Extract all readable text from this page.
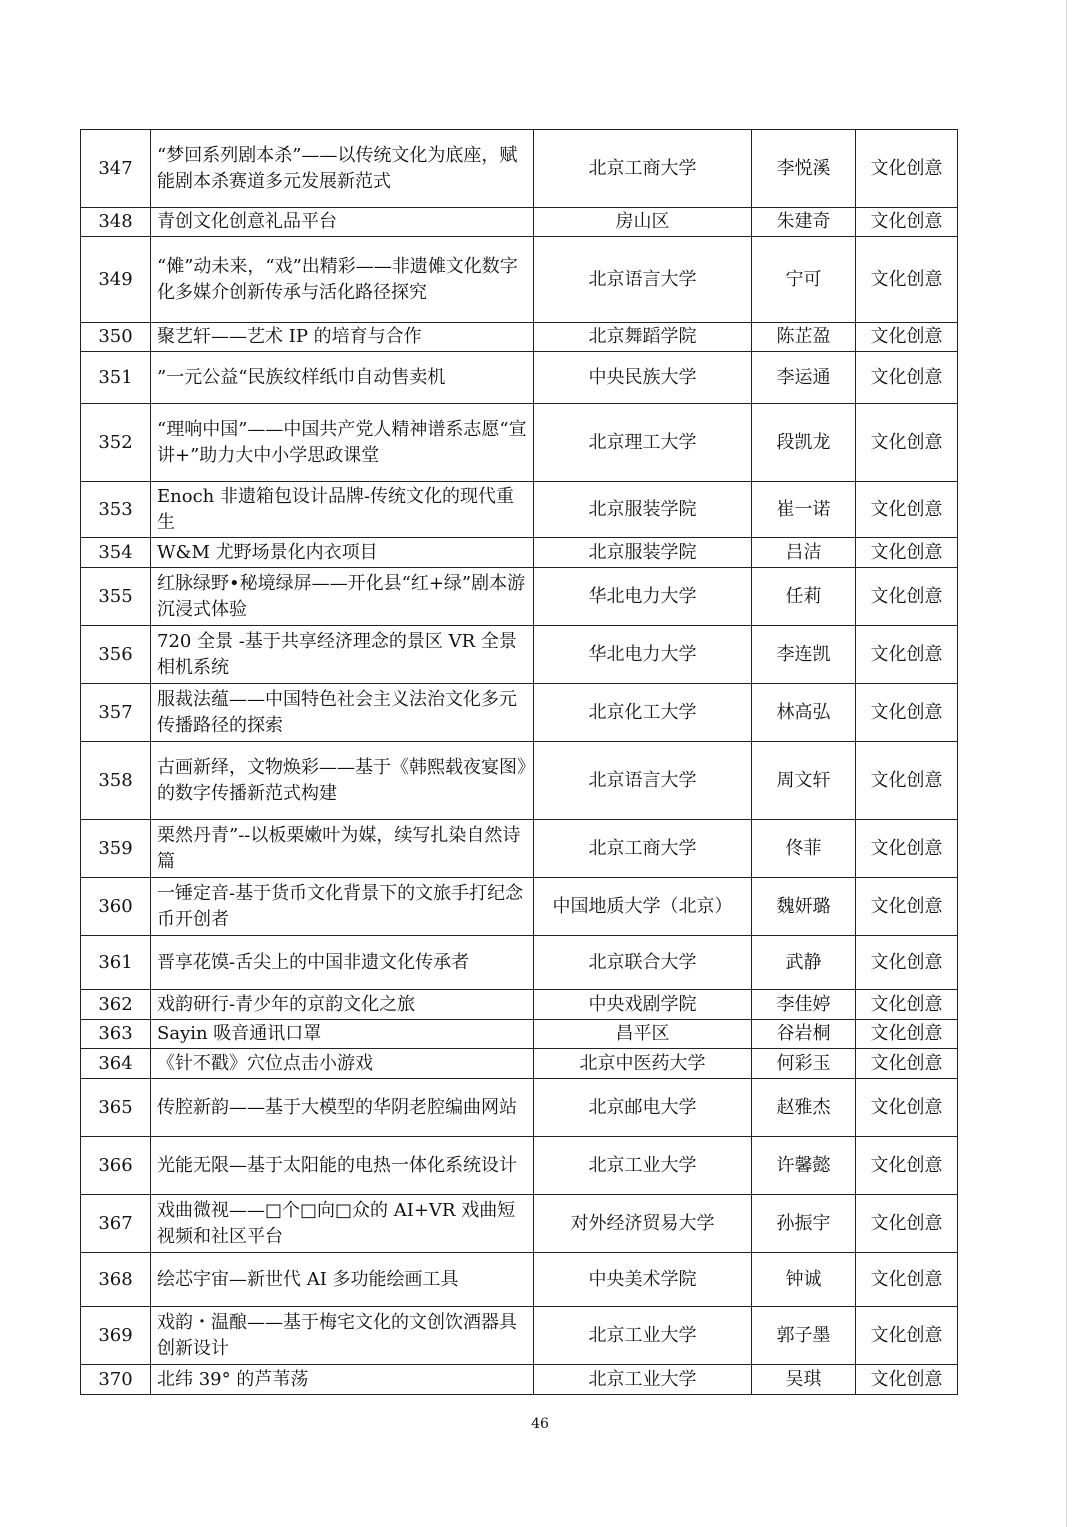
347	“梦回系列剧本杀”——以传统文化为底座，赋能剧本杀赛道多元发展新范式	北京工商大学	李悦溪	文化创意
348	青创文化创意礼品平台	房山区	朱建奇	文化创意
349	“傩”动未来，“戏”出精彩——非遗傩文化数字化多媒介创新传承与活化路径探究	北京语言大学	宁可	文化创意
350	聚艺轩——艺术 IP 的培育与合作	北京舞蹈学院	陈芷盈	文化创意
351	”一元公益“民族纹样纸巾自动售卖机	中央民族大学	李运通	文化创意
352	“理响中国”——中国共产党人精神谱系志愿“宣讲+”助力大中小学思政课堂	北京理工大学	段凯龙	文化创意
353	Enoch 非遗箱包设计品牌-传统文化的现代重生	北京服装学院	崔一诺	文化创意
354	W&M 尤野场景化内衣项目	北京服装学院	吕洁	文化创意
355	红脉绿野•秘境绿屏——开化县“红+绿”剧本游沉浸式体验	华北电力大学	任莉	文化创意
356	720 全景 -基于共享经济理念的景区 VR 全景相机系统	华北电力大学	李连凯	文化创意
357	服裁法蕴——中国特色社会主义法治文化多元传播路径的探索	北京化工大学	林高弘	文化创意
358	古画新绎，文物焕彩——基于《韩熙载夜宴图》的数字传播新范式构建	北京语言大学	周文轩	文化创意
359	栗然丹青”--以板栗嫩叶为媒，续写扎染自然诗篇	北京工商大学	佟菲	文化创意
360	一锤定音-基于货币文化背景下的文旅手打纪念币开创者	中国地质大学（北京）	魏妍璐	文化创意
361	晋享花馍-舌尖上的中国非遗文化传承者	北京联合大学	武静	文化创意
362	戏韵研行-青少年的京韵文化之旅	中央戏剧学院	李佳婷	文化创意
363	Sayin 吸音通讯口罩	昌平区	谷岩桐	文化创意
364	《针不戳》穴位点击小游戏	北京中医药大学	何彩玉	文化创意
365	传腔新韵——基于大模型的华阴老腔编曲网站	北京邮电大学	赵雅杰	文化创意
366	光能无限—基于太阳能的电热一体化系统设计	北京工业大学	许馨懿	文化创意
367	戏曲微视——□个□向□众的 AI+VR 戏曲短视频和社区平台	对外经济贸易大学	孙振宇	文化创意
368	绘芯宇宙—新世代 AI 多功能绘画工具	中央美术学院	钟诚	文化创意
369	戏韵・温酿——基于梅宅文化的文创饮酒器具创新设计	北京工业大学	郭子墨	文化创意
370	北纬 39° 的芦苇荡	北京工业大学	吴琪	文化创意
46
